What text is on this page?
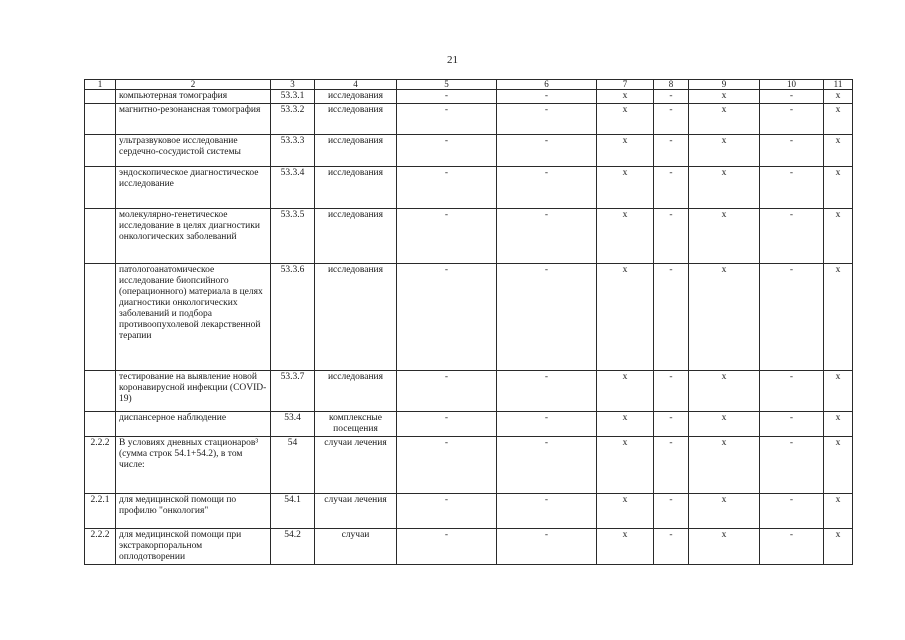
21
1	2	3	4	5	6	7	8	9	10	11
	компьютерная томография	53.3.1	исследования	-	-	х	-	х	-	х
	магнитно-резонансная томография	53.3.2	исследования	-	-	х	-	х	-	х
	ультразвуковое исследование сердечно-сосудистой системы	53.3.3	исследования	-	-	х	-	х	-	х
	эндоскопическое диагностическое исследование	53.3.4	исследования	-	-	х	-	х	-	х
	молекулярно-генетическое исследование в целях диагностики онкологических заболеваний	53.3.5	исследования	-	-	х	-	х	-	х
	патологоанатомическое исследование биопсийного (операционного) материала в целях диагностики онкологических заболеваний и подбора противоопухолевой лекарственной терапии	53.3.6	исследования	-	-	х	-	х	-	х
	тестирование на выявление новой коронавирусной инфекции (COVID-19)	53.3.7	исследования	-	-	х	-	х	-	х
	диспансерное наблюдение	53.4	комплексные посещения	-	-	х	-	х	-	х
2.2.2	В условиях дневных стационаров³ (сумма строк 54.1+54.2), в том числе:	54	случаи лечения	-	-	х	-	х	-	х
2.2.1	для медицинской помощи по профилю "онкология"	54.1	случаи лечения	-	-	х	-	х	-	х
2.2.2	для медицинской помощи при экстракорпоральном оплодотворении	54.2	случаи	-	-	х	-	х	-	х
